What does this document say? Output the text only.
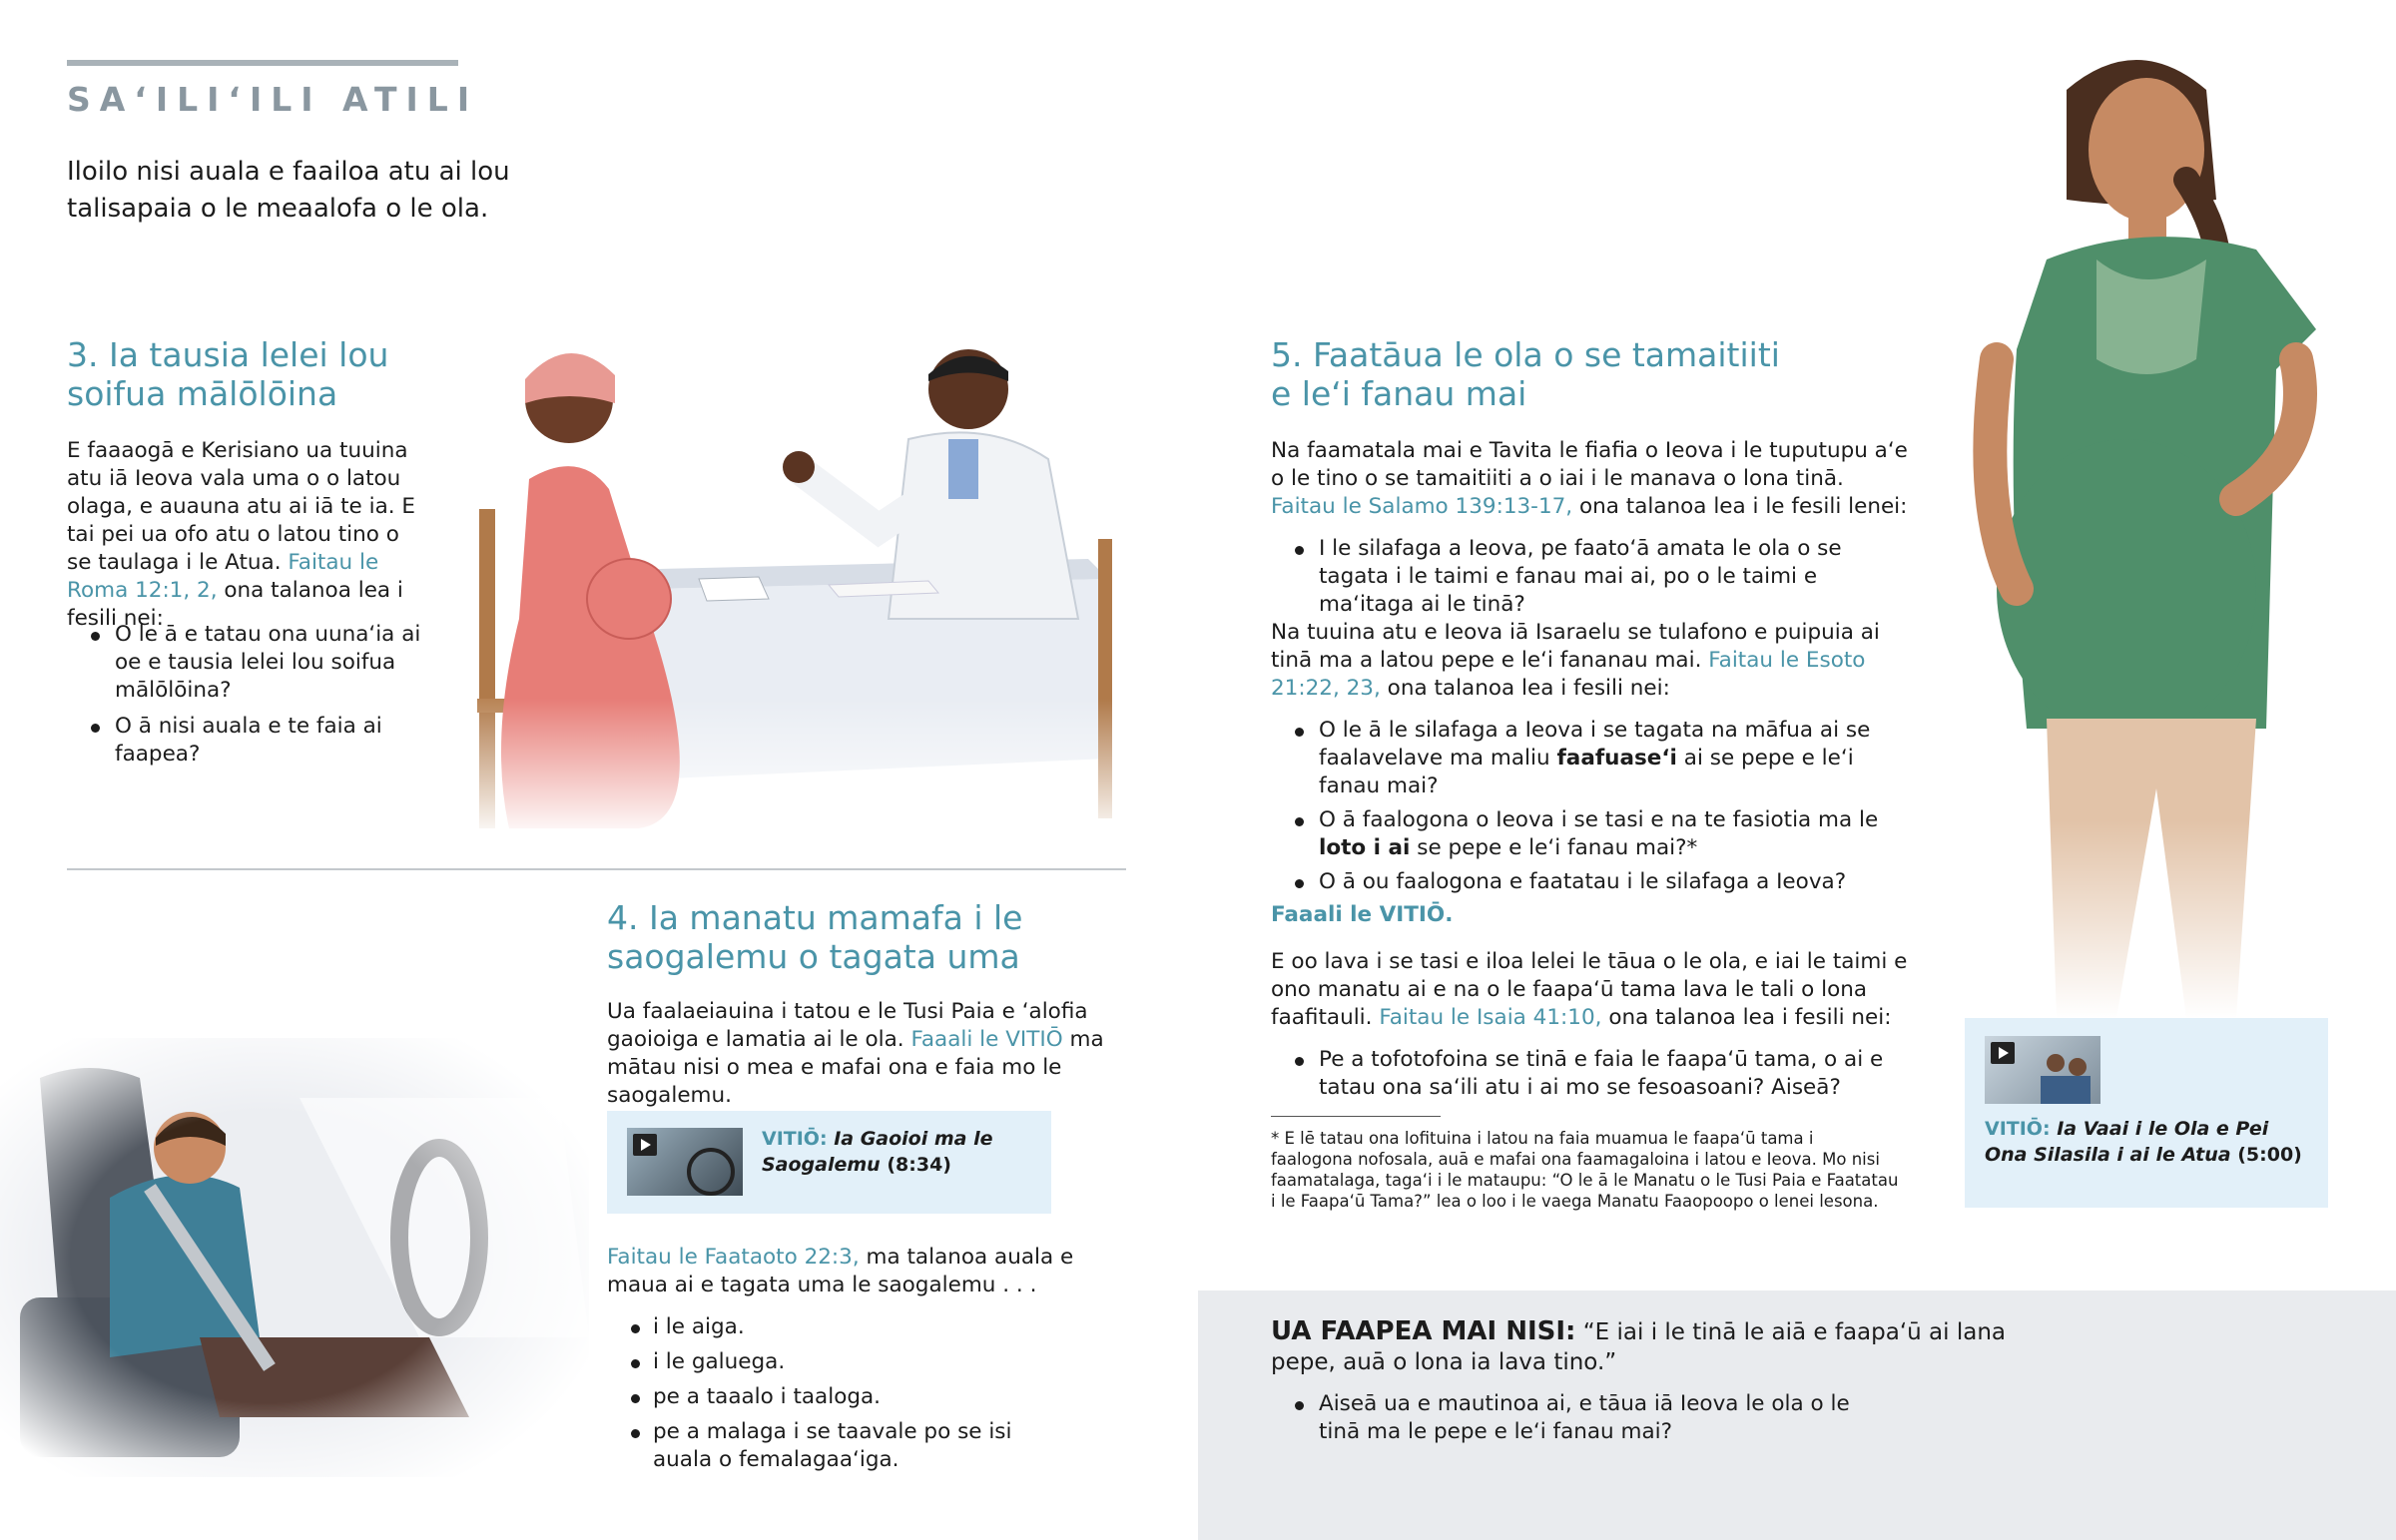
SAʻILIʻILI ATILI

Iloilo nisi auala e faailoa atu ai lou talisapaia o le meaalofa o le ola.

3. Ia tausia lelei lou soifua mālōlōina

E faaaogā e Kerisiano ua tuuina atu iā Ieova vala uma o o latou olaga, e auauna atu ai iā te ia. E tai pei ua ofo atu o latou tino o se taulaga i le Atua. Faitau le Roma 12:1, 2, ona talanoa lea i fesili nei:

O le ā e tatau ona uunaʻia ai oe e tausia lelei lou soifua mālōlōina?
O ā nisi auala e te faia ai faapea?
4. Ia manatu mamafa i le saogalemu o tagata uma

Ua faalaeiauina i tatou e le Tusi Paia e ʻalofia gaoioiga e lamatia ai le ola. Faaali le VITIŌ ma mātau nisi o mea e mafai ona e faia mo le saogalemu.

VITIŌ: Ia Gaoioi ma le Saogalemu (8:34)

Faitau le Faataoto 22:3, ma talanoa auala e maua ai e tagata uma le saogalemu . . .

i le aiga.
i le galuega.
pe a taaalo i taaloga.
pe a malaga i se taavale po se isi auala o femalagaaʻiga.
5. Faatāua le ola o se tamaitiiti e leʻi fanau mai

Na faamatala mai e Tavita le fiafia o Ieova i le tuputupu aʻe o le tino o se tamaitiiti a o iai i le manava o lona tinā. Faitau le Salamo 139:13-17, ona talanoa lea i le fesili lenei:

I le silafaga a Ieova, pe faatoʻā amata le ola o se tagata i le taimi e fanau mai ai, po o le taimi e maʻitaga ai le tinā?

Na tuuina atu e Ieova iā Isaraelu se tulafono e puipuia ai tinā ma a latou pepe e leʻi fananau mai. Faitau le Esoto 21:22, 23, ona talanoa lea i fesili nei:

O le ā le silafaga a Ieova i se tagata na māfua ai se faalavelave ma maliu faafuaseʻi ai se pepe e leʻi fanau mai?
O ā faalogona o Ieova i se tasi e na te fasiotia ma le loto i ai se pepe e leʻi fanau mai?*
O ā ou faalogona e faatatau i le silafaga a Ieova?
Faaali le VITIŌ.

E oo lava i se tasi e iloa lelei le tāua o le ola, e iai le taimi e ono manatu ai e na o le faapaʻū tama lava le tali o lona faafitauli. Faitau le Isaia 41:10, ona talanoa lea i fesili nei:

Pe a tofotofoina se tinā e faia le faapaʻū tama, o ai e tatau ona saʻili atu i ai mo se fesoasoani? Aiseā?

* E lē tatau ona lofituina i latou na faia muamua le faapaʻū tama i faalogona nofosala, auā e mafai ona faamagaloina i latou e Ieova. Mo nisi faamatalaga, tagaʻi i le mataupu: “O le ā le Manatu o le Tusi Paia e Faatatau i le Faapaʻū Tama?” lea o loo i le vaega Manatu Faaopoopo o lenei lesona.

VITIŌ: Ia Vaai i le Ola e Pei Ona Silasila i ai le Atua (5:00)

UA FAAPEA MAI NISI: “E iai i le tinā le aiā e faapaʻū ai lana pepe, auā o lona ia lava tino.”

Aiseā ua e mautinoa ai, e tāua iā Ieova le ola o le tinā ma le pepe e leʻi fanau mai?
